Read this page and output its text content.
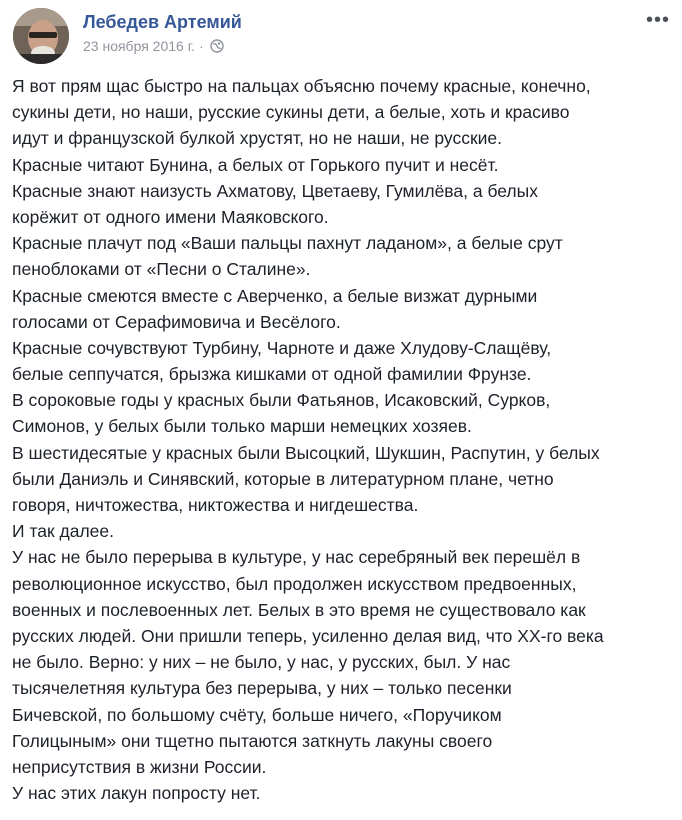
Лебедев Артемий
23 ноября 2016 г. ·
•••
Я вот прям щас быстро на пальцах объясню почему красные, конечно,
сукины дети, но наши, русские сукины дети, а белые, хоть и красиво
идут и французской булкой хрустят, но не наши, не русские.
Красные читают Бунина, а белых от Горького пучит и несёт.
Красные знают наизусть Ахматову, Цветаеву, Гумилёва, а белых
корёжит от одного имени Маяковского.
Красные плачут под «Ваши пальцы пахнут ладаном», а белые срут
пеноблоками от «Песни о Сталине».
Красные смеются вместе с Аверченко, а белые визжат дурными
голосами от Серафимовича и Весёлого.
Красные сочувствуют Турбину, Чарноте и даже Хлудову-Слащёву,
белые сеппучатся, брызжа кишками от одной фамилии Фрунзе.
В сороковые годы у красных были Фатьянов, Исаковский, Сурков,
Симонов, у белых были только марши немецких хозяев.
В шестидесятые у красных были Высоцкий, Шукшин, Распутин, у белых
были Даниэль и Синявский, которые в литературном плане, четно
говоря, ничтожества, никтожества и нигдешества.
И так далее.
У нас не было перерыва в культуре, у нас серебряный век перешёл в
революционное искусство, был продолжен искусством предвоенных,
военных и послевоенных лет. Белых в это время не существовало как
русских людей. Они пришли теперь, усиленно делая вид, что ХХ-го века
не было. Верно: у них – не было, у нас, у русских, был. У нас
тысячелетняя культура без перерыва, у них – только песенки
Бичевской, по большому счёту, больше ничего, «Поручиком
Голицыным» они тщетно пытаются заткнуть лакуны своего
неприсутствия в жизни России.
У нас этих лакун попросту нет.
